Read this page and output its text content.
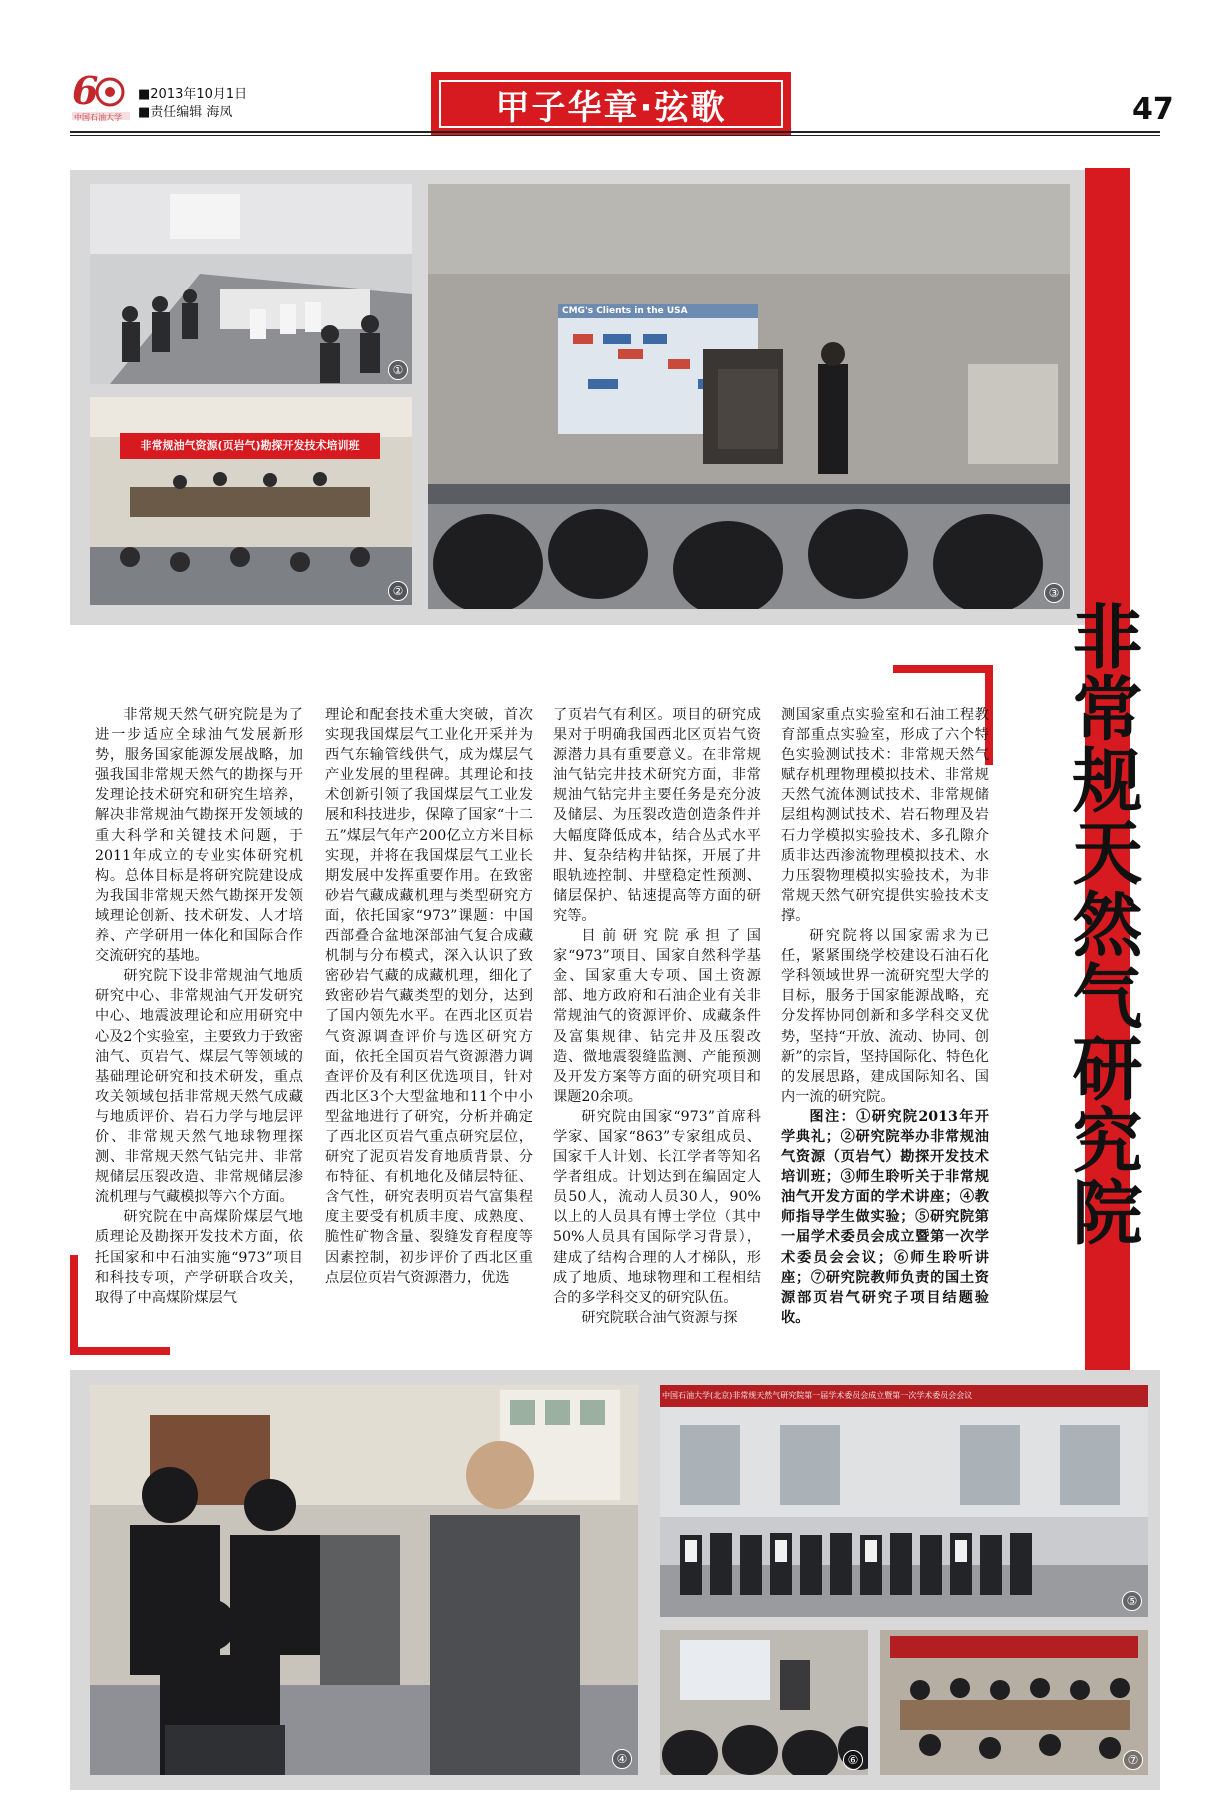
6
中国石油大学
■2013年10月1日
■责任编辑 海凤	甲子华章·弦歌	47
①
非常规油气资源(页岩气)勘探开发技术培训班
②
CMG's Clients in the USA
③
非常规天然气研究院

非常规天然气研究院是为了进一步适应全球油气发展新形势，服务国家能源发展战略，加强我国非常规天然气的勘探与开发理论技术研究和研究生培养，解决非常规油气勘探开发领域的重大科学和关键技术问题，于2011年成立的专业实体研究机构。总体目标是将研究院建设成为我国非常规天然气勘探开发领域理论创新、技术研发、人才培养、产学研用一体化和国际合作交流研究的基地。

研究院下设非常规油气地质研究中心、非常规油气开发研究中心、地震波理论和应用研究中心及2个实验室，主要致力于致密油气、页岩气、煤层气等领域的基础理论研究和技术研发，重点攻关领域包括非常规天然气成藏与地质评价、岩石力学与地层评价、非常规天然气地球物理探测、非常规天然气钻完井、非常规储层压裂改造、非常规储层渗流机理与气藏模拟等六个方面。

研究院在中高煤阶煤层气地质理论及勘探开发技术方面，依托国家和中石油实施“973”项目和科技专项，产学研联合攻关，取得了中高煤阶煤层气

理论和配套技术重大突破，首次实现我国煤层气工业化开采并为西气东输管线供气，成为煤层气产业发展的里程碑。其理论和技术创新引领了我国煤层气工业发展和科技进步，保障了国家“十二五”煤层气年产200亿立方米目标实现，并将在我国煤层气工业长期发展中发挥重要作用。在致密砂岩气藏成藏机理与类型研究方面，依托国家“973”课题：中国西部叠合盆地深部油气复合成藏机制与分布模式，深入认识了致密砂岩气藏的成藏机理，细化了致密砂岩气藏类型的划分，达到了国内领先水平。在西北区页岩气资源调查评价与选区研究方面，依托全国页岩气资源潜力调查评价及有利区优选项目，针对西北区3个大型盆地和11个中小型盆地进行了研究，分析并确定了西北区页岩气重点研究层位，研究了泥页岩发育地质背景、分布特征、有机地化及储层特征、含气性，研究表明页岩气富集程度主要受有机质丰度、成熟度、脆性矿物含量、裂缝发育程度等因素控制，初步评价了西北区重点层位页岩气资源潜力，优选
了页岩气有利区。项目的研究成果对于明确我国西北区页岩气资源潜力具有重要意义。在非常规油气钻完井技术研究方面，非常规油气钻完井主要任务是充分波及储层、为压裂改造创造条件并大幅度降低成本，结合丛式水平井、复杂结构井钻探，开展了井眼轨迹控制、井壁稳定性预测、储层保护、钻速提高等方面的研究等。

目前研究院承担了国家“973”项目、国家自然科学基金、国家重大专项、国土资源部、地方政府和石油企业有关非常规油气的资源评价、成藏条件及富集规律、钻完井及压裂改造、微地震裂缝监测、产能预测及开发方案等方面的研究项目和课题20余项。

研究院由国家“973”首席科学家、国家“863”专家组成员、国家千人计划、长江学者等知名学者组成。计划达到在编固定人员50人，流动人员30人，90%以上的人员具有博士学位（其中50%人员具有国际学习背景），建成了结构合理的人才梯队，形成了地质、地球物理和工程相结合的多学科交叉的研究队伍。

研究院联合油气资源与探

测国家重点实验室和石油工程教育部重点实验室，形成了六个特色实验测试技术：非常规天然气赋存机理物理模拟技术、非常规天然气流体测试技术、非常规储层组构测试技术、岩石物理及岩石力学模拟实验技术、多孔隙介质非达西渗流物理模拟技术、水力压裂物理模拟实验技术，为非常规天然气研究提供实验技术支撑。

研究院将以国家需求为已任，紧紧围绕学校建设石油石化学科领域世界一流研究型大学的目标，服务于国家能源战略，充分发挥协同创新和多学科交叉优势，坚持“开放、流动、协同、创新”的宗旨，坚持国际化、特色化的发展思路，建成国际知名、国内一流的研究院。

图注：①研究院2013年开学典礼；②研究院举办非常规油气资源（页岩气）勘探开发技术培训班；③师生聆听关于非常规油气开发方面的学术讲座；④教师指导学生做实验；⑤研究院第一届学术委员会成立暨第一次学术委员会会议；⑥师生聆听讲座；⑦研究院教师负责的国土资源部页岩气研究子项目结题验收。

④
中国石油大学(北京)非常规天然气研究院第一届学术委员会成立暨第一次学术委员会会议
⑤
⑥	⑦
